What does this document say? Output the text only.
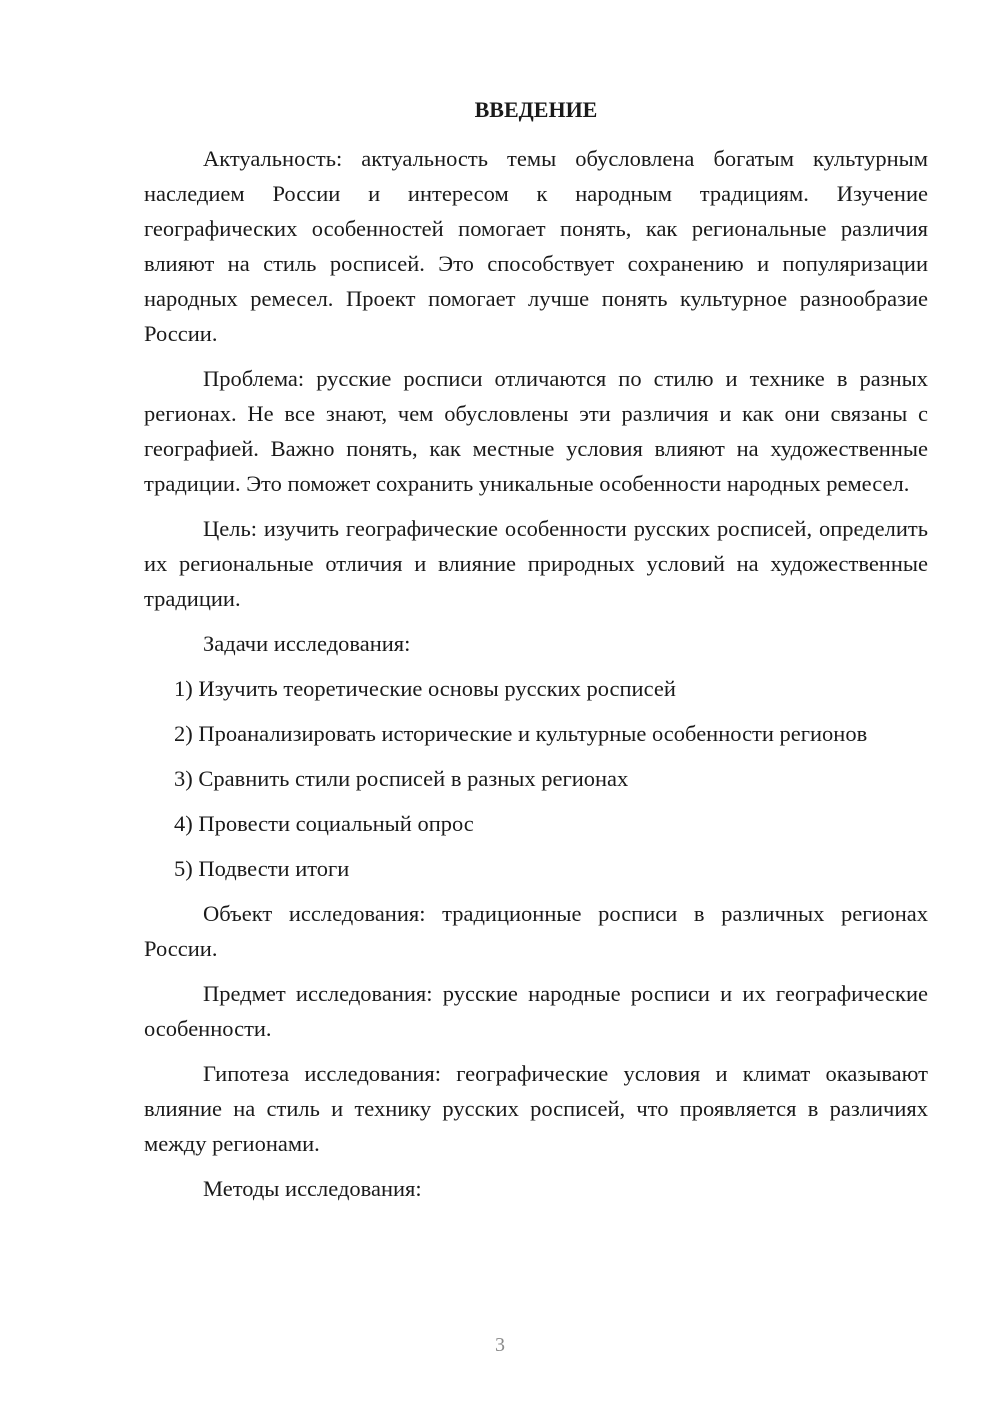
ВВЕДЕНИЕ

Актуальность: актуальность темы обусловлена богатым культурным наследием России и интересом к народным традициям. Изучение географических особенностей помогает понять, как региональные различия влияют на стиль росписей. Это способствует сохранению и популяризации народных ремесел. Проект помогает лучше понять культурное разнообразие России.

Проблема: русские росписи отличаются по стилю и технике в разных регионах. Не все знают, чем обусловлены эти различия и как они связаны с географией. Важно понять, как местные условия влияют на художественные традиции. Это поможет сохранить уникальные особенности народных ремесел.

Цель: изучить географические особенности русских росписей, определить их региональные отличия и влияние природных условий на художественные традиции.

Задачи исследования:

1) Изучить теоретические основы русских росписей

2) Проанализировать исторические и культурные особенности регионов

3) Сравнить стили росписей в разных регионах

4) Провести социальный опрос

5) Подвести итоги

Объект исследования: традиционные росписи в различных регионах России.

Предмет исследования: русские народные росписи и их географические особенности.

Гипотеза исследования: географические условия и климат оказывают влияние на стиль и технику русских росписей, что проявляется в различиях между регионами.

Методы исследования:

3
